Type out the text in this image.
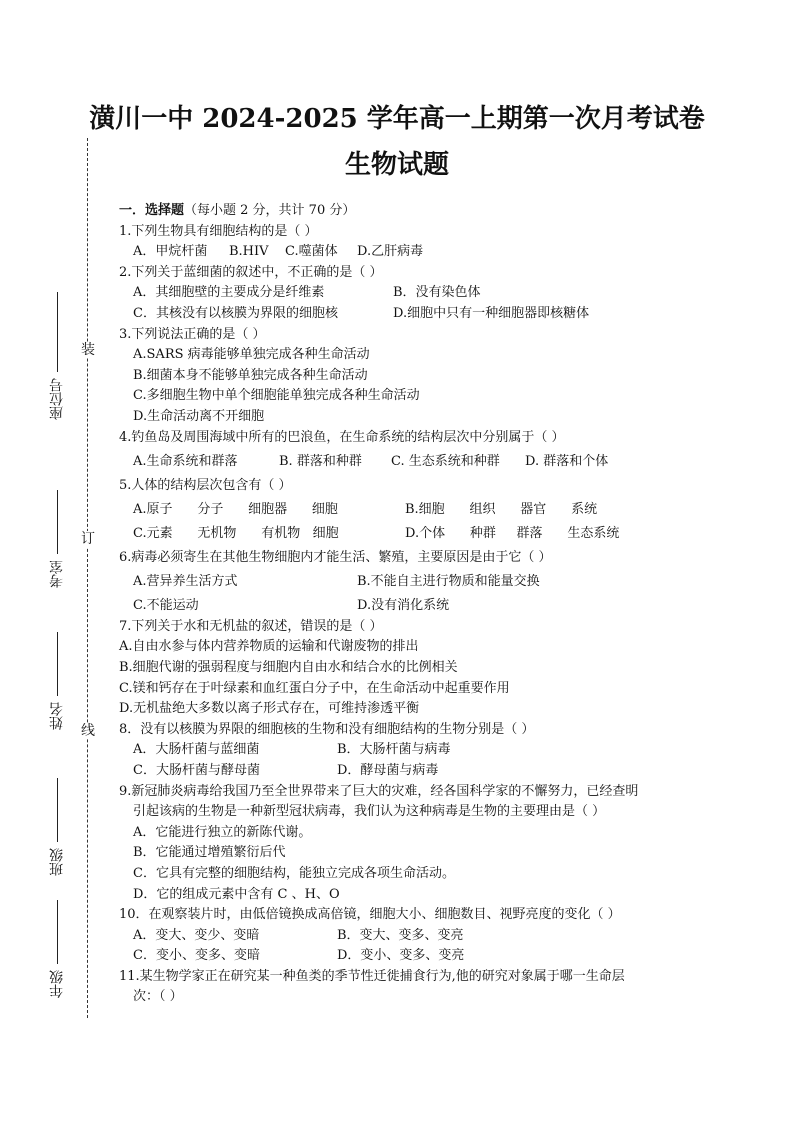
装
订
线
座位号
考室
姓名
班级
年级
潢川一中 2024-2025 学年高一上期第一次月考试卷
生物试题
一．选择题（每小题 2 分，共计 70 分）
1.下列生物具有细胞结构的是（ ）
A．甲烷杆菌	B.HIV	C.噬菌体	D.乙肝病毒
2.下列关于蓝细菌的叙述中，不正确的是（ ）
A．其细胞壁的主要成分是纤维素	B．没有染色体
C．其核没有以核膜为界限的细胞核	D.细胞中只有一种细胞器即核糖体
3.下列说法正确的是（ ）
A.SARS 病毒能够单独完成各种生命活动
B.细菌本身不能够单独完成各种生命活动
C.多细胞生物中单个细胞能单独完成各种生命活动
D.生命活动离不开细胞
4.钓鱼岛及周围海域中所有的巴浪鱼，在生命系统的结构层次中分别属于（ ）
A.生命系统和群落	B. 群落和种群	C. 生态系统和种群	D. 群落和个体
5.人体的结构层次包含有（ ）
A.原子      分子      细胞器      细胞	B.细胞      组织      器官      系统
C.元素      无机物      有机物   细胞	D.个体      种群     群落      生态系统
6.病毒必须寄生在其他生物细胞内才能生活、繁殖，主要原因是由于它（ ）
A.营异养生活方式	B.不能自主进行物质和能量交换
C.不能运动	D.没有消化系统
7.下列关于水和无机盐的叙述，错误的是（ ）
A.自由水参与体内营养物质的运输和代谢废物的排出
B.细胞代谢的强弱程度与细胞内自由水和结合水的比例相关
C.镁和钙存在于叶绿素和血红蛋白分子中，在生命活动中起重要作用
D.无机盐绝大多数以离子形式存在，可维持渗透平衡
8．没有以核膜为界限的细胞核的生物和没有细胞结构的生物分别是（ ）
A．大肠杆菌与蓝细菌	B．大肠杆菌与病毒
C．大肠杆菌与酵母菌	D．酵母菌与病毒
9.新冠肺炎病毒给我国乃至全世界带来了巨大的灾难，经各国科学家的不懈努力，已经查明
引起该病的生物是一种新型冠状病毒，我们认为这种病毒是生物的主要理由是（ ）
A．它能进行独立的新陈代谢。
B．它能通过增殖繁衍后代
C．它具有完整的细胞结构，能独立完成各项生命活动。
D．它的组成元素中含有 C 、H、O
10．在观察装片时，由低倍镜换成高倍镜，细胞大小、细胞数目、视野亮度的变化（ ）
A．变大、变少、变暗	B．变大、变多、变亮
C．变小、变多、变暗	D．变小、变多、变亮
11.某生物学家正在研究某一种鱼类的季节性迁徙捕食行为,他的研究对象属于哪一生命层
次：（ ）
